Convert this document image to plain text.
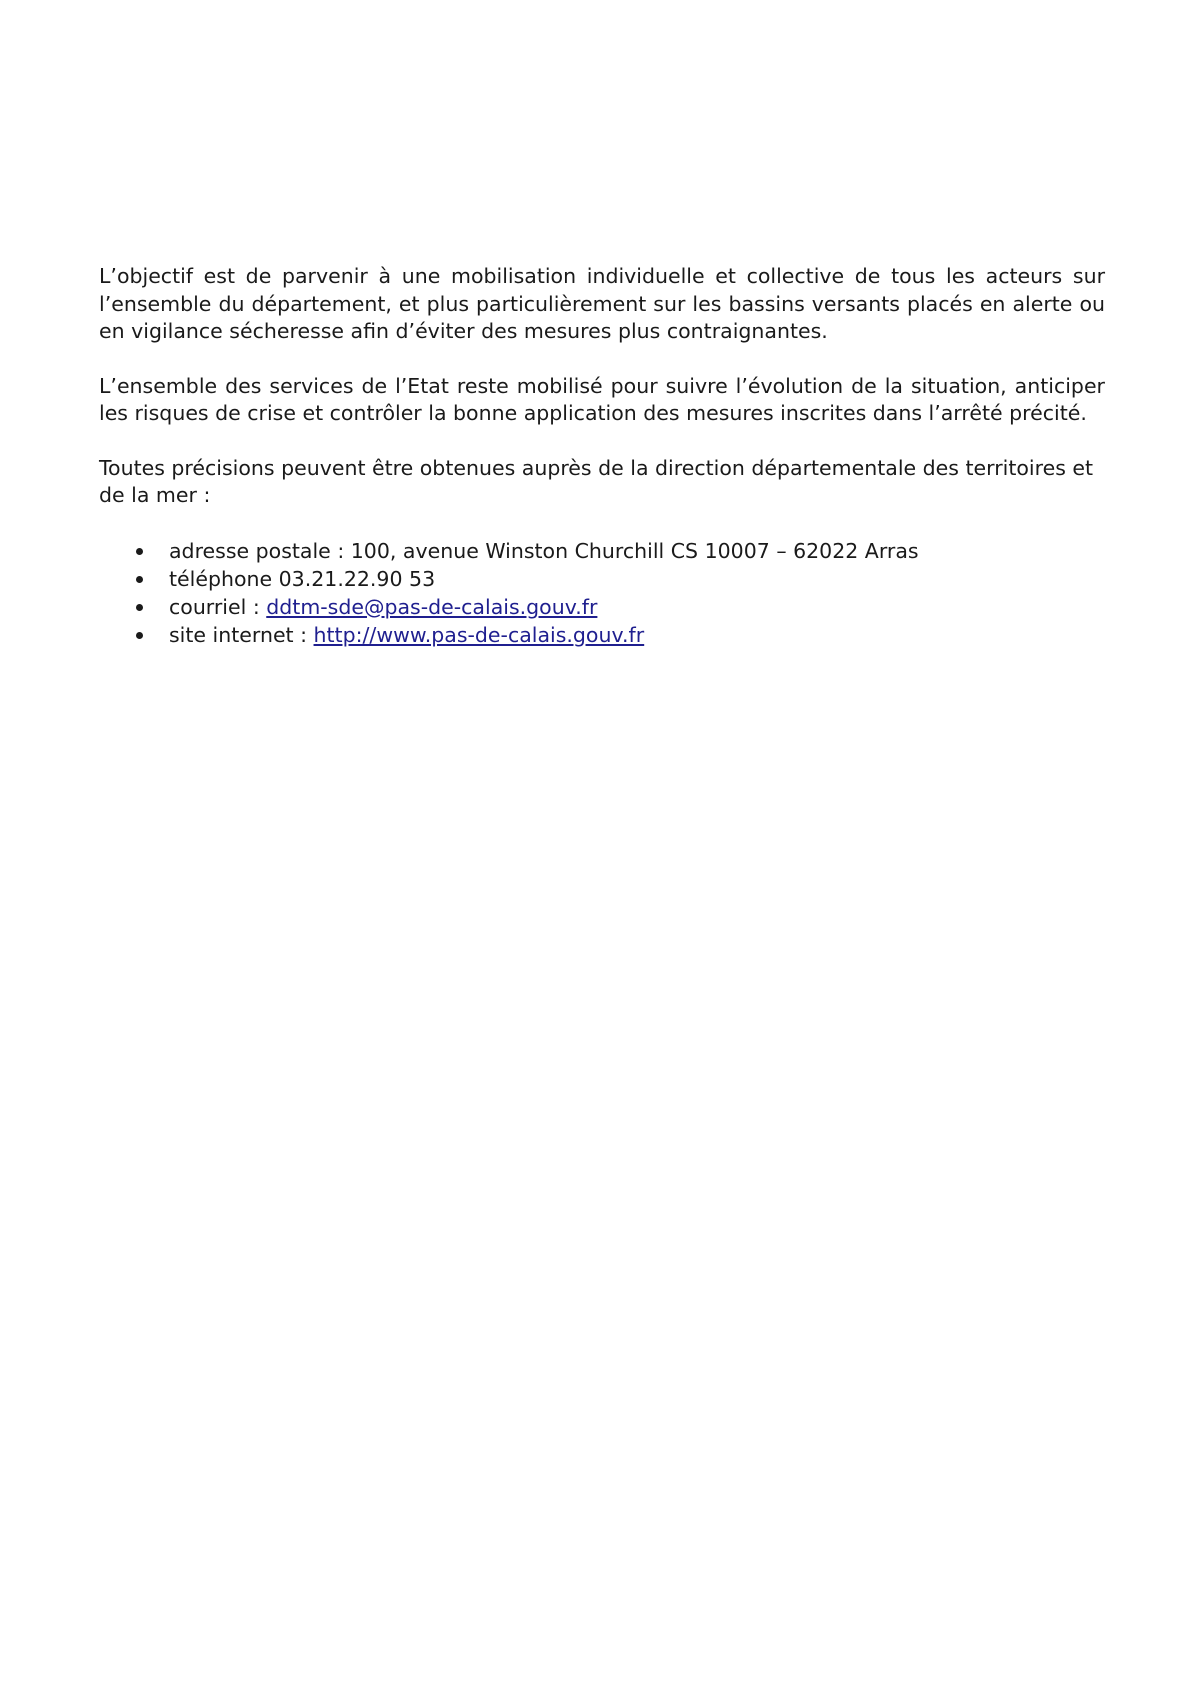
L’objectif est de parvenir à une mobilisation individuelle et collective de tous les acteurs sur l’ensemble du département, et plus particulièrement sur les bassins versants placés en alerte ou en vigilance sécheresse afin d’éviter des mesures plus contraignantes.

L’ensemble des services de l’Etat reste mobilisé pour suivre l’évolution de la situation, anticiper les risques de crise et contrôler la bonne application des mesures inscrites dans l’arrêté précité.

Toutes précisions peuvent être obtenues auprès de la direction départementale des territoires et de la mer :

adresse postale : 100, avenue Winston Churchill CS 10007 – 62022 Arras
téléphone 03.21.22.90 53
courriel : ddtm-sde@pas-de-calais.gouv.fr
site internet : http://www.pas-de-calais.gouv.fr
